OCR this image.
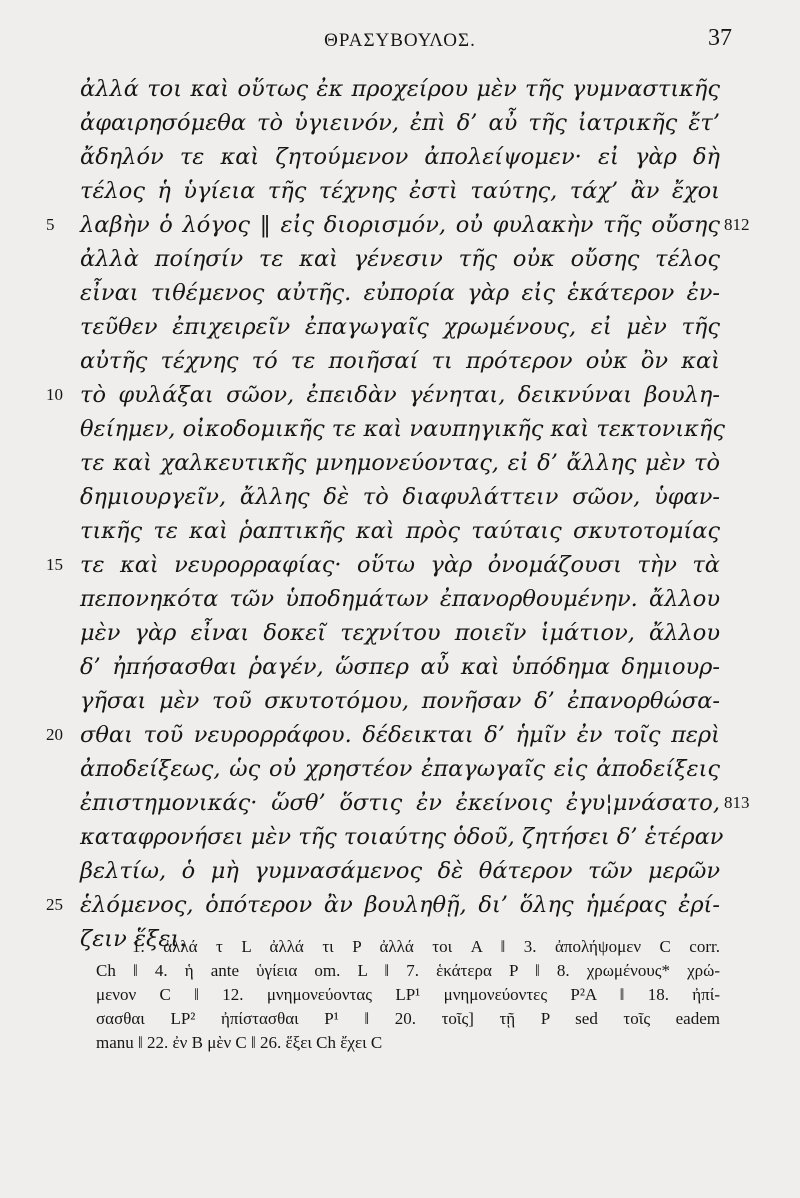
ΘΡΑΣΥΒΟΥΛΟΣ.	37
ἀλλά τοι καὶ οὕτως ἐκ προχείρου μὲν τῆς γυμναστικῆς
ἀφαιρησόμεθα τὸ ὑγιεινόν, ἐπὶ δ’ αὖ τῆς ἰατρικῆς ἔτ’
ἄδηλόν τε καὶ ζητούμενον ἀπολείψομεν· εἰ γὰρ δὴ
τέλος ἡ ὑγίεια τῆς τέχνης ἐστὶ ταύτης, τάχ’ ἂν ἔχοι
λαβὴν ὁ λόγος ‖ εἰς διορισμόν, οὐ φυλακὴν τῆς οὔσης
ἀλλὰ ποίησίν τε καὶ γένεσιν τῆς οὐκ οὔσης τέλος
εἶναι τιθέμενος αὐτῆς. εὐπορία γὰρ εἰς ἑκάτερον ἐν-
τεῦθεν ἐπιχειρεῖν ἐπαγωγαῖς χρωμένους, εἰ μὲν τῆς
αὐτῆς τέχνης τό τε ποιῆσαί τι πρότερον οὐκ ὂν καὶ
τὸ φυλάξαι σῶον, ἐπειδὰν γένηται, δεικνύναι βουλη-
θείημεν, οἰκοδομικῆς τε καὶ ναυπηγικῆς καὶ τεκτονικῆς
τε καὶ χαλκευτικῆς μνημονεύοντας, εἰ δ’ ἄλλης μὲν τὸ
δημιουργεῖν, ἄλλης δὲ τὸ διαφυλάττειν σῶον, ὑφαν-
τικῆς τε καὶ ῥαπτικῆς καὶ πρὸς ταύταις σκυτοτομίας
τε καὶ νευρορραφίας· οὕτω γὰρ ὀνομάζουσι τὴν τὰ
πεπονηκότα τῶν ὑποδημάτων ἐπανορθουμένην. ἄλλου
μὲν γὰρ εἶναι δοκεῖ τεχνίτου ποιεῖν ἱμάτιον, ἄλλου
δ’ ἠπήσασθαι ῥαγέν, ὥσπερ αὖ καὶ ὑπόδημα δημιουρ-
γῆσαι μὲν τοῦ σκυτοτόμου, πονῆσαν δ’ ἐπανορθώσα-
σθαι τοῦ νευρορράφου. δέδεικται δ’ ἡμῖν ἐν τοῖς περὶ
ἀποδείξεως, ὡς οὐ χρηστέον ἐπαγωγαῖς εἰς ἀποδείξεις
ἐπιστημονικάς· ὥσθ’ ὅστις ἐν ἐκείνοις ἐγυ¦μνάσατο,
καταφρονήσει μὲν τῆς τοιαύτης ὁδοῦ, ζητήσει δ’ ἑτέραν
βελτίω, ὁ μὴ γυμνασάμενος δὲ θάτερον τῶν μερῶν
ἑλόμενος, ὁπότερον ἂν βουληθῇ, δι’ ὅλης ἡμέρας ἐρί-
ζειν ἕξει.
5
10
15
20
25
812
813
1. ἀλλά τ L ἀλλά τι P ἀλλά τοι A ‖ 3. ἀπολήψομεν C corr.
Ch ‖ 4. ἡ ante ὑγίεια om. L ‖ 7. ἑκάτερα P ‖ 8. χρωμένους* χρώ-
μενον C ‖ 12. μνημονεύοντας LP¹ μνημονεύοντες P²A ‖ 18. ἠπί-
σασθαι LP² ἠπίστασθαι P¹ ‖ 20. τοῖς] τῇ P sed τοῖς eadem
manu ‖ 22. ἐν B μὲν C ‖ 26. ἕξει Ch ἔχει C
